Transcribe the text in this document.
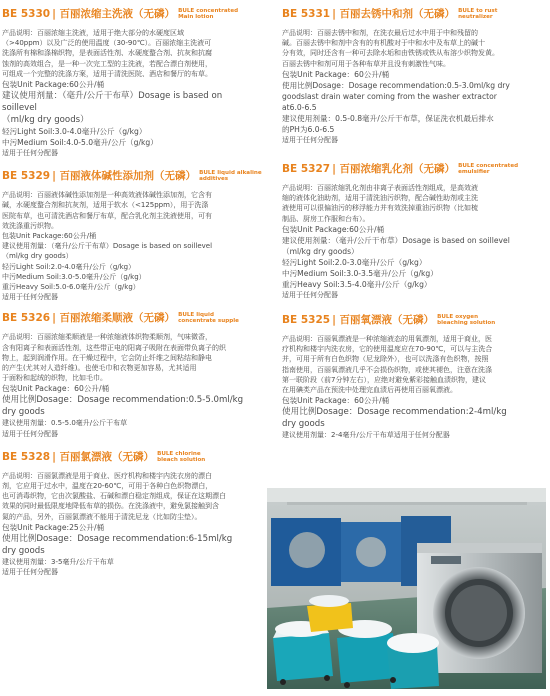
BE 5330 | 百丽浓缩主洗液（无磷） BULE concentrated
Main lotion
产品说明：百丽浓缩主洗液，适用于绝大部分的水硬度区域
（>40ppm）以及广泛的使用温度（30-90℃）。百丽浓缩主洗液可
洗涤所有棉和涤棉织物，是表面活性剂、水硬度螯合剂、抗灰和抗腐
蚀剂的高效组合，是一种一次完工型的主洗液，若配合漂白剂使用，
可组成一个完整的洗涤方案，适用于清洗医院、酒店和餐厅的布草。
包装Unit Package:60公升/桶
建议使用剂量：（毫升/公斤干布草）Dosage is based on
soillevel
（ml/kg dry goods）
轻污Light Soil:3.0-4.0毫升/公斤（g/kg）
中污Medium Soil:4.0-5.0毫升/公斤（g/kg）
适用于任何分配器
BE 5329 | 百丽液体碱性添加剂（无磷） BULE liquid alkaline
additives
产品说明：百丽液体碱性添加剂是一种高效液体碱性添加剂，它含有
碱，水硬度螯合剂和抗灰剂，适用于软水（<125ppm），用于洗涤
医院布草，也可清洗酒店和餐厅布草，配合乳化剂主洗液使用，可有
效洗涤重污织物。
包装Unit Package:60公升/桶
建议使用剂量：（毫升/公斤干布草）Dosage is based on soillevel
（ml/kg dry goods）
轻污Light Soil:2.0-4.0毫升/公斤（g/kg）
中污Medium Soil:3.0-5.0毫升/公斤（g/kg）
重污Heavy Soil:5.0-6.0毫升/公斤（g/kg）
适用于任何分配器
BE 5326 | 百丽浓缩柔顺液（无磷） BULE liquid
concentrate supple
产品说明：百丽浓缩柔顺液是一种浓缩液体织物柔顺剂，气味微香，
含有阳离子和表面活性剂，这些带正电的阳离子吸附在表面带负离子的织
物上，起到润滑作用。在干燥过程中，它会防止纤维之间粘结和静电
的产生(尤其对人造纤维)。也使毛巾和衣物更加容易，尤其适用
于面粉和起绒的织物，比如毛巾。
包装Unit Package：60公升/桶
使用比例Dosage：Dosage recommendation:0.5-5.0ml/kg
dry goods
建议使用剂量：0.5-5.0毫升/公斤干布草
适用于任何分配器
BE 5328 | 百丽氯漂液（无磷） BULE chlorine
bleach solution
产品说明：百丽氯漂液是用于商业、医疗机构和楼宇内洗衣房的漂白
剂，它应用于过水中，温度在20-60℃，可用于各种白色织物漂白，
也可消毒织物，它由次氯酸盐、石碱和漂白稳定剂组成，保证在这期漂白
效果的同时最低限度地降低布草的损伤。在洗涤液中，避免氯接触到含
氮的产品，另外，百丽氯漂液不能用于清洗尼龙（比如防尘垫）。
包装Unit Package:25公升/桶
使用比例Dosage：Dosage recommendation:6-15ml/kg
dry goods
建议使用剂量：3-5毫升/公斤干布草
适用于任何分配器
BE 5331 | 百丽去锈中和剂（无磷） BULE to rust
neutralizer
产品说明：百丽去锈中和剂，在洗衣最后过水中用于中和残留的
碱。百丽去锈中和剂中含有的有机酸对于中和水中及布草上的碱十
分有效，同时还含有一种可去除水垢和由铁锈或铁从布溶少织物发黄。
百丽去锈中和剂可用于各种布草并且没有刺激性气味。
包装Unit Package：60公升/桶
使用比例Dosage：Dosage recommendation:0.5-3.0ml/kg dry
goodslast drain water coming from the washer extractor
at6.0-6.5
建议使用剂量：0.5-0.8毫升/公斤干布草，保证洗衣机最后排水
的PH为6.0-6.5
适用于任何分配器
BE 5327 | 百丽浓缩乳化剂（无磷） BULE concentrated
emulsifier
产品说明：百丽浓缩乳化剂由非离子表面活性剂组成，是高效液
缩的液体化油助剂，适用于清洗油污织物，配合碱性助剂或主洗
液使用可以很偏油污的移浮能力并有效洗掉重油污织物（比如梳
制品、厨房工作服和台布）。
包装Unit Package:60公升/桶
建议使用剂量：（毫升/公斤干布草）Dosage is based on soillevel
（ml/kg dry goods）
轻污Light Soil:2.0-3.0毫升/公斤（g/kg）
中污Medium Soil:3.0-3.5毫升/公斤（g/kg）
重污Heavy Soil:3.5-4.0毫升/公斤（g/kg）
适用于任何分配器
BE 5325 | 百丽氧漂液（无磷） BULE oxygen
bleaching solution
产品说明：百丽氧漂液是一种浓缩液态的用氧漂剂，适用于商业，医
疗机构和楼宇内洗衣房，它的使用温度应在70-90℃，可以与主洗合
并，可用于所有白色织物（尼龙除外），也可以洗涤有色织物，按照
指南使用，百丽氧漂液几乎不会损伤织物，或使其褪色，注意在洗涤
第一联阶段（前7分钟左右），应绝对避免紫彩接触血渍织物，建议
在用碘类产品在预洗中处理完血渍后再使用百丽氧漂液。
包装Unit Package：60公升/桶
使用比例Dosage：Dosage recommendation:2-4ml/kg
dry goods
建议使用剂量：2-4毫升/公斤干布草适用于任何分配器
